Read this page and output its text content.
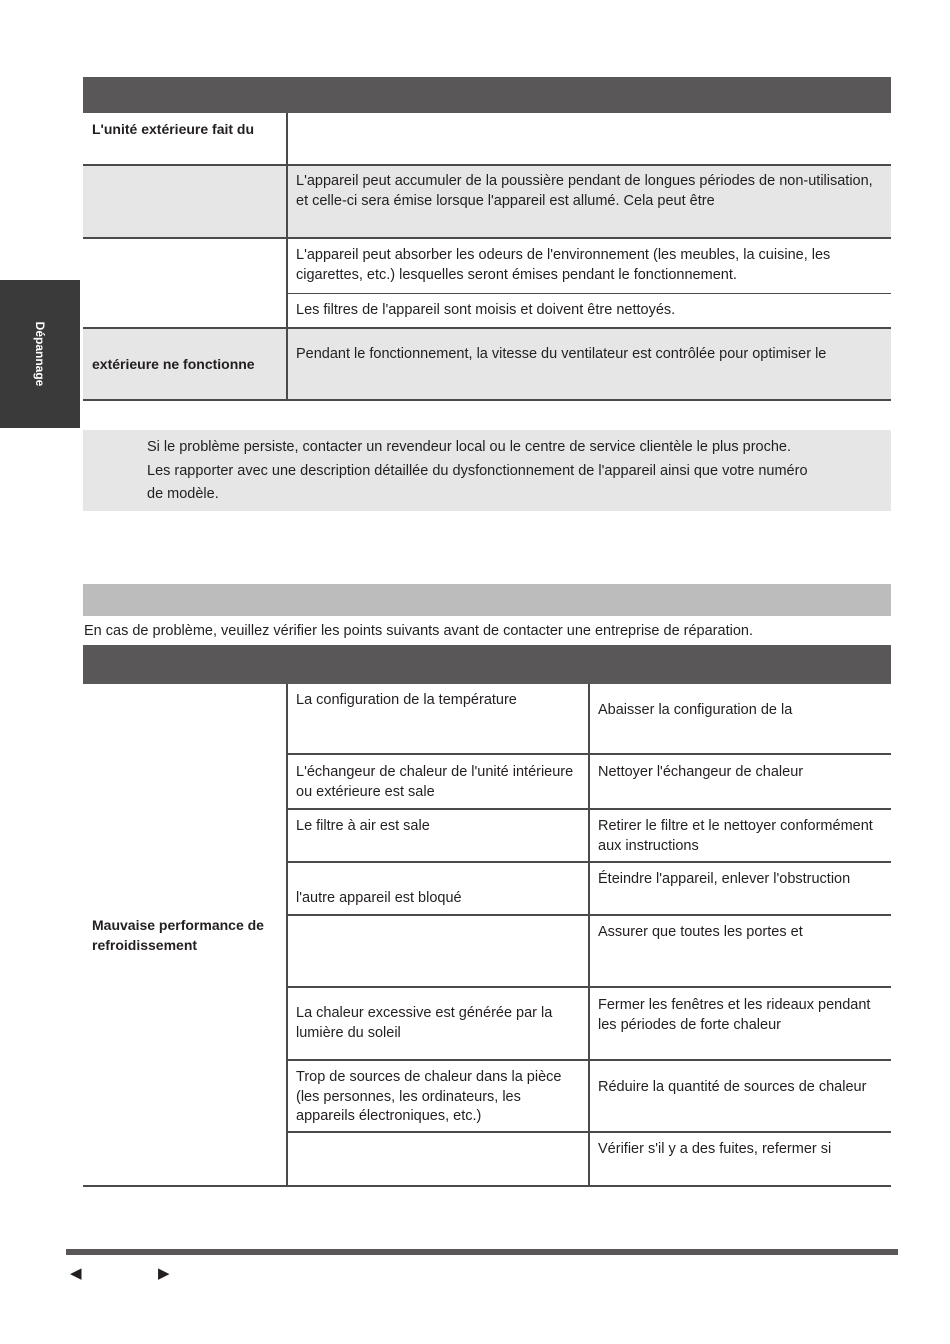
Dépannage
L'unité extérieure fait du
L'appareil peut accumuler de la poussière pendant de longues périodes de non-utilisation, et celle-ci sera émise lorsque l'appareil est allumé. Cela peut être
L'appareil peut absorber les odeurs de l'environnement (les meubles, la cuisine, les cigarettes, etc.) lesquelles seront émises pendant le fonctionnement.
Les filtres de l'appareil sont moisis et doivent être nettoyés.
extérieure ne fonctionne
Pendant le fonctionnement, la vitesse du ventilateur est contrôlée pour optimiser le
Si le problème persiste, contacter un revendeur local ou le centre de service clientèle le plus proche.
Les rapporter avec une description détaillée du dysfonctionnement de l'appareil ainsi que votre numéro
de modèle.
En cas de problème, veuillez vérifier les points suivants avant de contacter une entreprise de réparation.
Mauvaise performance de refroidissement
La configuration de la température
Abaisser la configuration de la
L'échangeur de chaleur de l'unité intérieure ou extérieure est sale
Nettoyer l'échangeur de chaleur
Le filtre à air est sale	Retirer le filtre et le nettoyer conformément aux instructions
l'autre appareil est bloqué
Éteindre l'appareil, enlever l'obstruction
Assurer que toutes les portes et
La chaleur excessive est générée par la lumière du soleil
Fermer les fenêtres et les rideaux pendant les périodes de forte chaleur
Trop de sources de chaleur dans la pièce (les personnes, les ordinateurs, les appareils électroniques, etc.)
Réduire la quantité de sources de chaleur
Vérifier s'il y a des fuites, refermer si
◀	▶
